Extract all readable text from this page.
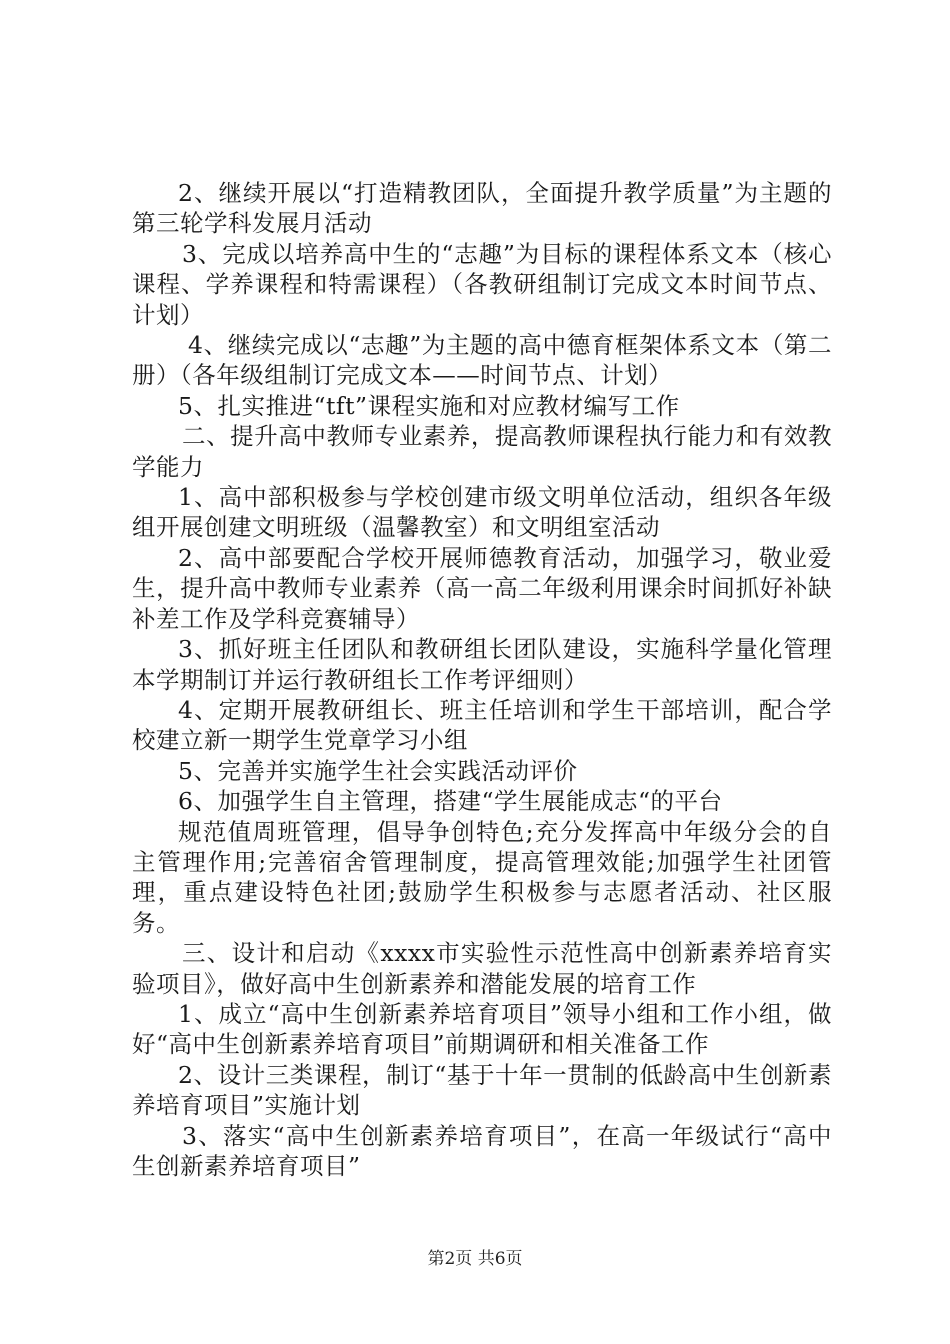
2、继续开展以“打造精教团队，全面提升教学质量”为主题的第三轮学科发展月活动

3、完成以培养高中生的“志趣”为目标的课程体系文本（核心课程、学养课程和特需课程）（各教研组制订完成文本时间节点、计划）

4、继续完成以“志趣”为主题的高中德育框架体系文本（第二册）（各年级组制订完成文本——时间节点、计划）

5、扎实推进“tft”课程实施和对应教材编写工作

二、提升高中教师专业素养，提高教师课程执行能力和有效教学能力

1、高中部积极参与学校创建市级文明单位活动，组织各年级组开展创建文明班级（温馨教室）和文明组室活动

2、高中部要配合学校开展师德教育活动，加强学习，敬业爱生，提升高中教师专业素养（高一高二年级利用课余时间抓好补缺补差工作及学科竞赛辅导）

3、抓好班主任团队和教研组长团队建设，实施科学量化管理本学期制订并运行教研组长工作考评细则）

4、定期开展教研组长、班主任培训和学生干部培训，配合学校建立新一期学生党章学习小组

5、完善并实施学生社会实践活动评价

6、加强学生自主管理，搭建“学生展能成志“的平台

规范值周班管理，倡导争创特色;充分发挥高中年级分会的自主管理作用;完善宿舍管理制度，提高管理效能;加强学生社团管理，重点建设特色社团;鼓励学生积极参与志愿者活动、社区服务。

三、设计和启动《xxxx市实验性示范性高中创新素养培育实验项目》，做好高中生创新素养和潜能发展的培育工作

1、成立“高中生创新素养培育项目”领导小组和工作小组，做好“高中生创新素养培育项目”前期调研和相关准备工作

2、设计三类课程，制订“基于十年一贯制的低龄高中生创新素养培育项目”实施计划

3、落实“高中生创新素养培育项目”，在高一年级试行“高中生创新素养培育项目”

第2页 共6页
